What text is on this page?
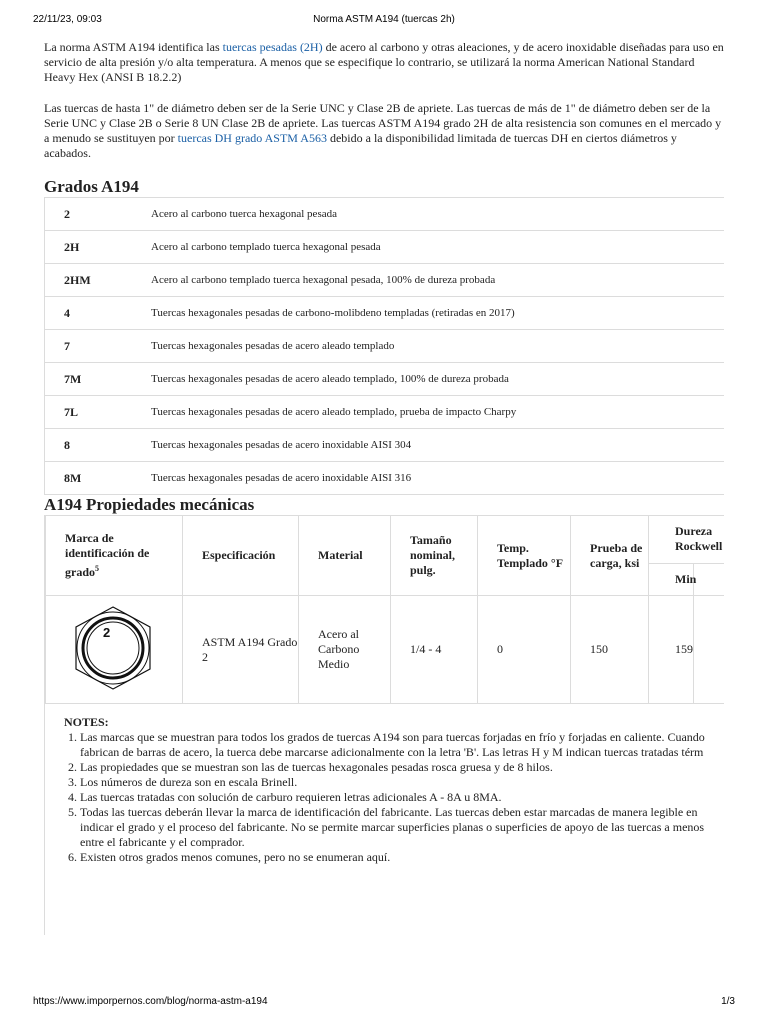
22/11/23, 09:03	Norma ASTM A194 (tuercas 2h)

La norma ASTM A194 identifica las tuercas pesadas (2H) de acero al carbono y otras aleaciones, y de acero inoxidable diseñadas para uso en servicio de alta presión y/o alta temperatura. A menos que se especifique lo contrario, se utilizará la norma American National Standard Heavy Hex (ANSI B 18.2.2)

Las tuercas de hasta 1" de diámetro deben ser de la Serie UNC y Clase 2B de apriete. Las tuercas de más de 1" de diámetro deben ser de la Serie UNC y Clase 2B o Serie 8 UN Clase 2B de apriete. Las tuercas ASTM A194 grado 2H de alta resistencia son comunes en el mercado y a menudo se sustituyen por tuercas DH grado ASTM A563 debido a la disponibilidad limitada de tuercas DH en ciertos diámetros y acabados.

Grados A194
2	Acero al carbono tuerca hexagonal pesada
2H	Acero al carbono templado tuerca hexagonal pesada
2HM	Acero al carbono templado tuerca hexagonal pesada, 100% de dureza probada
4	Tuercas hexagonales pesadas de carbono-molibdeno templadas (retiradas en 2017)
7	Tuercas hexagonales pesadas de acero aleado templado
7M	Tuercas hexagonales pesadas de acero aleado templado, 100% de dureza probada
7L	Tuercas hexagonales pesadas de acero aleado templado, prueba de impacto Charpy
8	Tuercas hexagonales pesadas de acero inoxidable AISI 304
8M	Tuercas hexagonales pesadas de acero inoxidable AISI 316
A194 Propiedades mecánicas
Marca de identificación de grado$^5$	Especificación	Material	Tamaño nominal, pulg.	Temp. Templado °F	Prueba de carga, ksi	Dureza Rockwell	
						Min	

2	ASTM A194 Grado 2	Acero al Carbono Medio	1/4 - 4	0	150	159	
NOTES:
1. Las marcas que se muestran para todos los grados de tuercas A194 son para tuercas forjadas en frío y forjadas en caliente. Cuando
fabrican de barras de acero, la tuerca debe marcarse adicionalmente con la letra 'B'. Las letras H y M indican tuercas tratadas térm
2. Las propiedades que se muestran son las de tuercas hexagonales pesadas rosca gruesa y de 8 hilos.
3. Los números de dureza son en escala Brinell.
4. Las tuercas tratadas con solución de carburo requieren letras adicionales A - 8A u 8MA.
5. Todas las tuercas deberán llevar la marca de identificación del fabricante. Las tuercas deben estar marcadas de manera legible en
indicar el grado y el proceso del fabricante. No se permite marcar superficies planas o superficies de apoyo de las tuercas a menos
entre el fabricante y el comprador.
6. Existen otros grados menos comunes, pero no se enumeran aquí.
https://www.imporpernos.com/blog/norma-astm-a194	1/3
